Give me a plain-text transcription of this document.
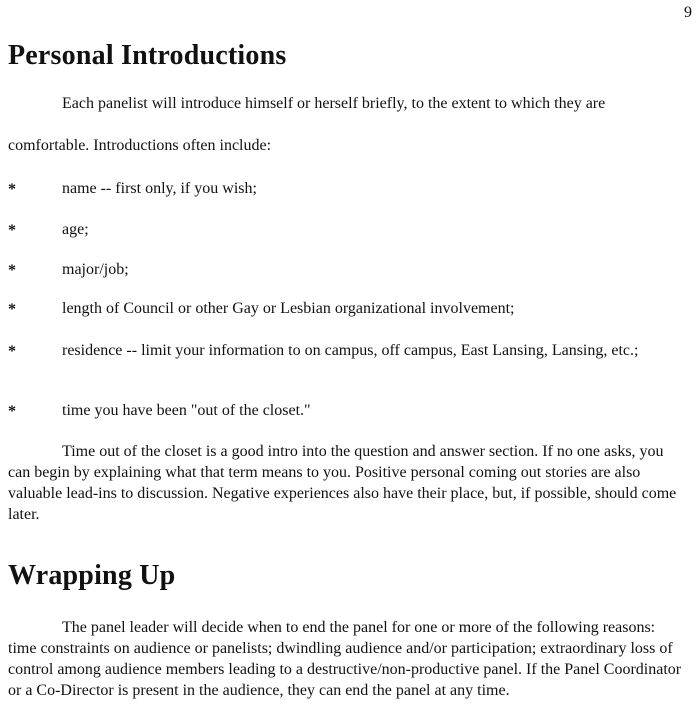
9
Personal Introductions

Each panelist will introduce himself or herself briefly, to the extent to which they are

comfortable. Introductions often include:

*	name -- first only, if you wish;

*	age;

*	major/job;

*	length of Council or other Gay or Lesbian organizational involvement;

*	residence -- limit your information to on campus, off campus, East Lansing, Lansing, etc.;

*	time you have been "out of the closet."

Time out of the closet is a good intro into the question and answer section. If no one asks, you can begin by explaining what that term means to you. Positive personal coming out stories are also valuable lead-ins to discussion. Negative experiences also have their place, but, if possible, should come later.

Wrapping Up

The panel leader will decide when to end the panel for one or more of the following reasons: time constraints on audience or panelists; dwindling audience and/or participation; extraordinary loss of control among audience members leading to a destructive/non-productive panel. If the Panel Coordinator or a Co-Director is present in the audience, they can end the panel at any time.
